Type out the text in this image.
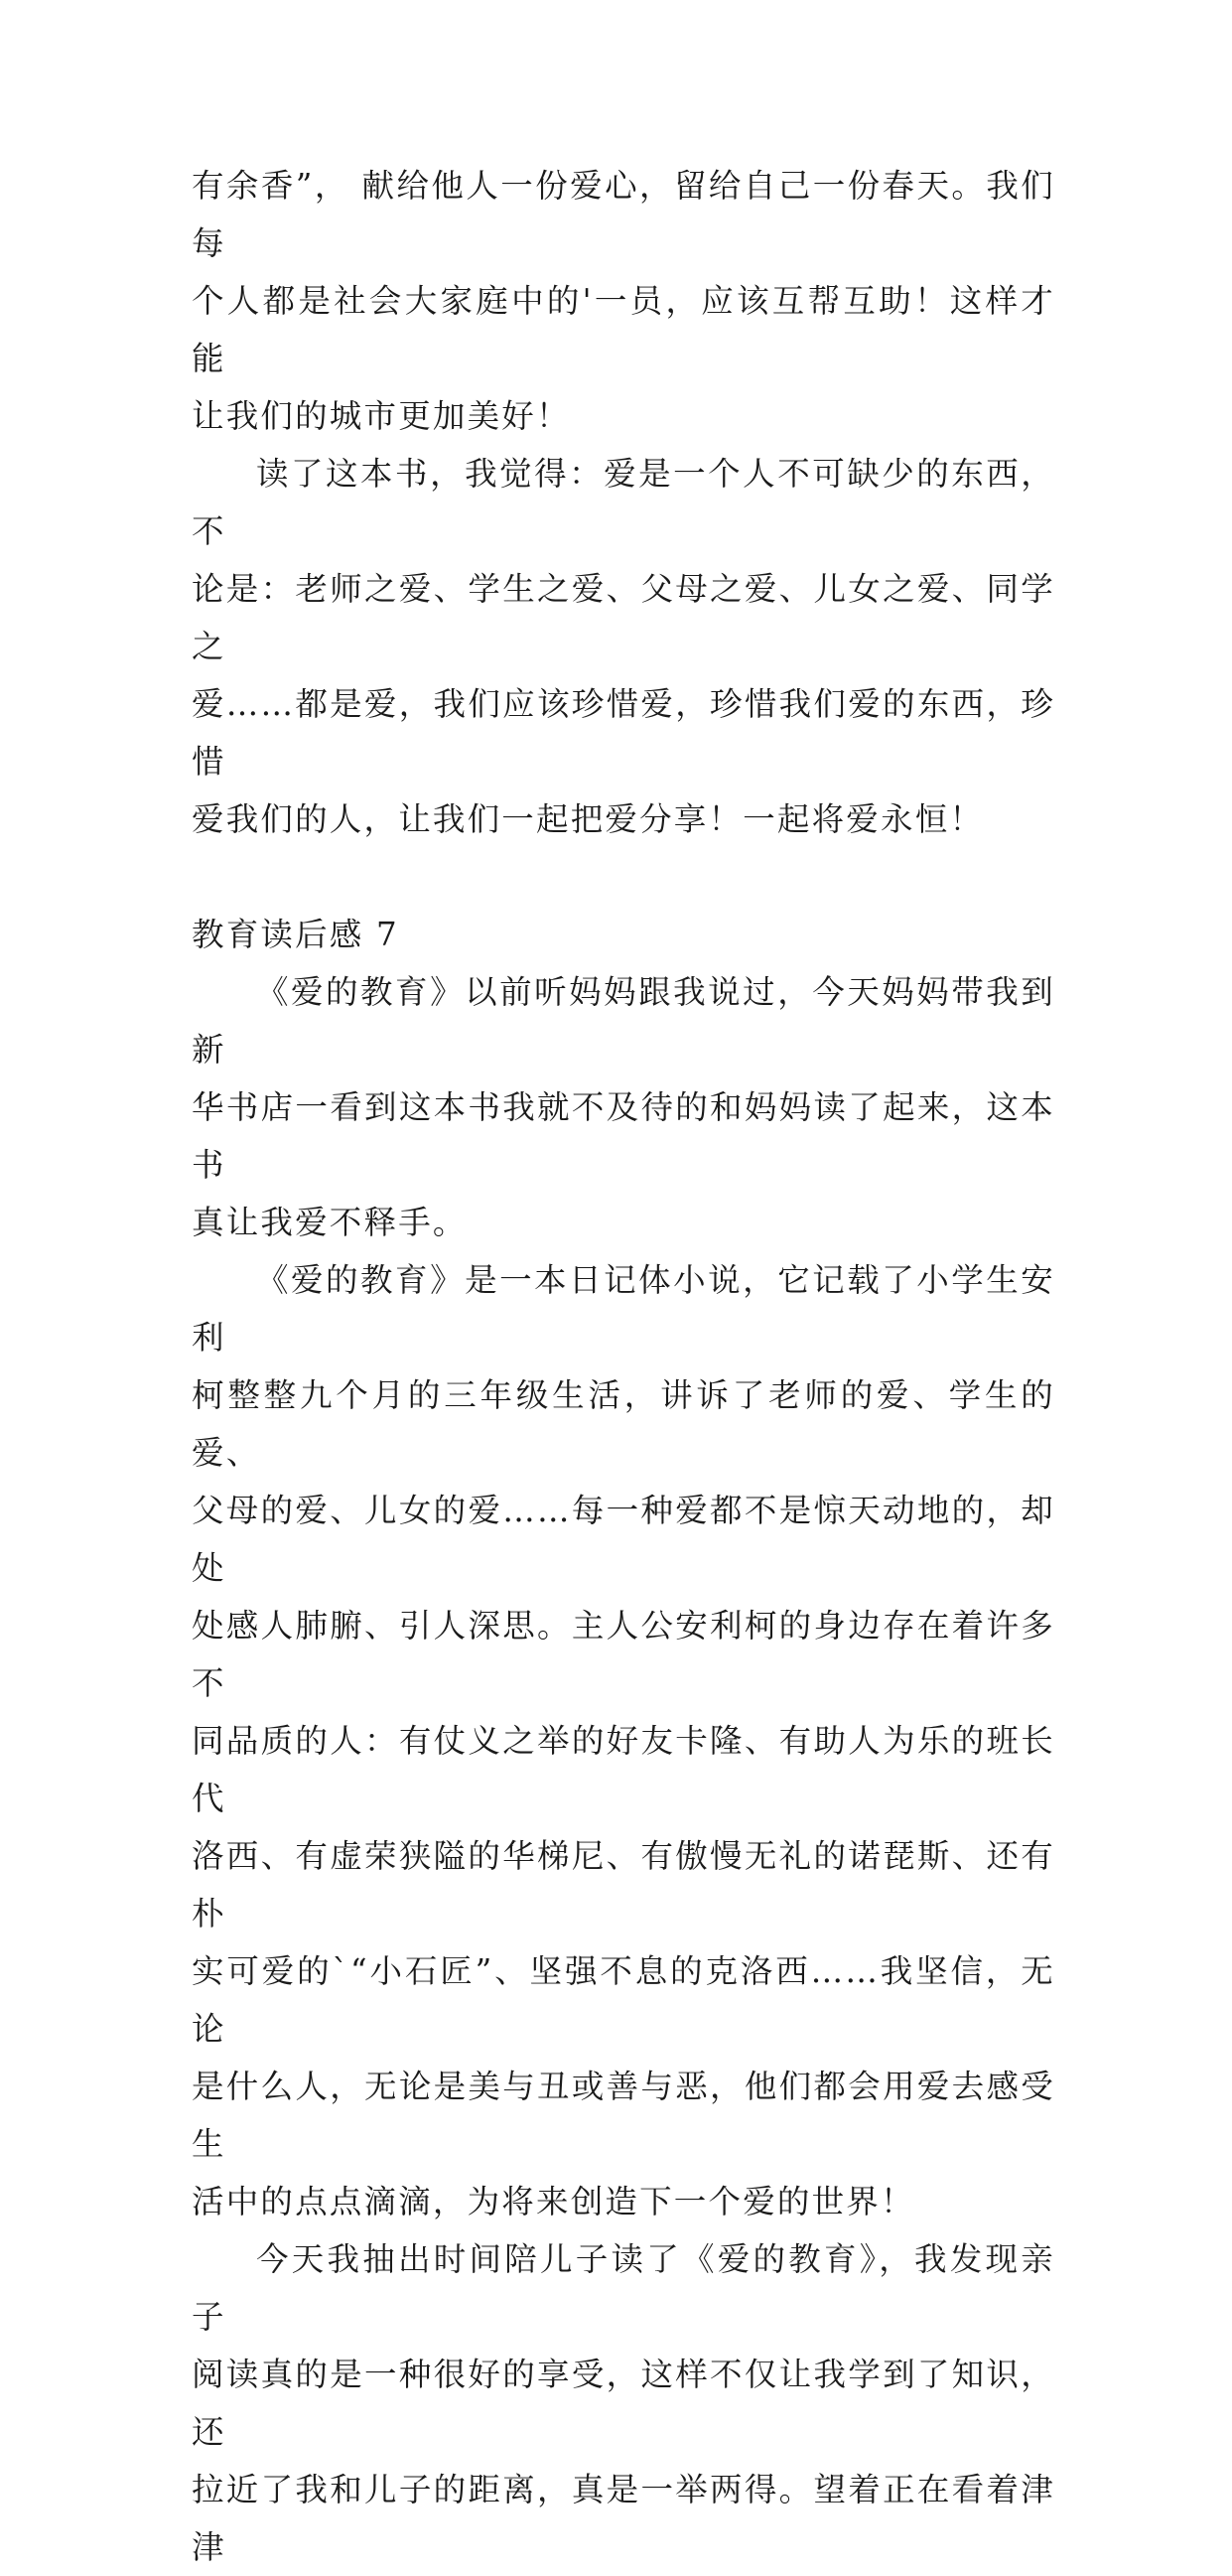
有余香”， 献给他人一份爱心，留给自己一份春天。我们每
个人都是社会大家庭中的'一员，应该互帮互助！这样才能
让我们的城市更加美好！

读了这本书，我觉得：爱是一个人不可缺少的东西，不
论是：老师之爱、学生之爱、父母之爱、儿女之爱、同学之
爱……都是爱，我们应该珍惜爱，珍惜我们爱的东西，珍惜
爱我们的人，让我们一起把爱分享！一起将爱永恒！

教育读后感 7

《爱的教育》以前听妈妈跟我说过，今天妈妈带我到新
华书店一看到这本书我就不及待的和妈妈读了起来，这本书
真让我爱不释手。

《爱的教育》是一本日记体小说，它记载了小学生安利
柯整整九个月的三年级生活，讲诉了老师的爱、学生的爱、
父母的爱、儿女的爱……每一种爱都不是惊天动地的，却处
处感人肺腑、引人深思。主人公安利柯的身边存在着许多不
同品质的人：有仗义之举的好友卡隆、有助人为乐的班长代
洛西、有虚荣狭隘的华梯尼、有傲慢无礼的诺琵斯、还有朴
实可爱的`“小石匠”、坚强不息的克洛西……我坚信，无论
是什么人，无论是美与丑或善与恶，他们都会用爱去感受生
活中的点点滴滴，为将来创造下一个爱的世界！

今天我抽出时间陪儿子读了《爱的教育》，我发现亲子
阅读真的是一种很好的享受，这样不仅让我学到了知识，还
拉近了我和儿子的距离，真是一举两得。望着正在看着津津
